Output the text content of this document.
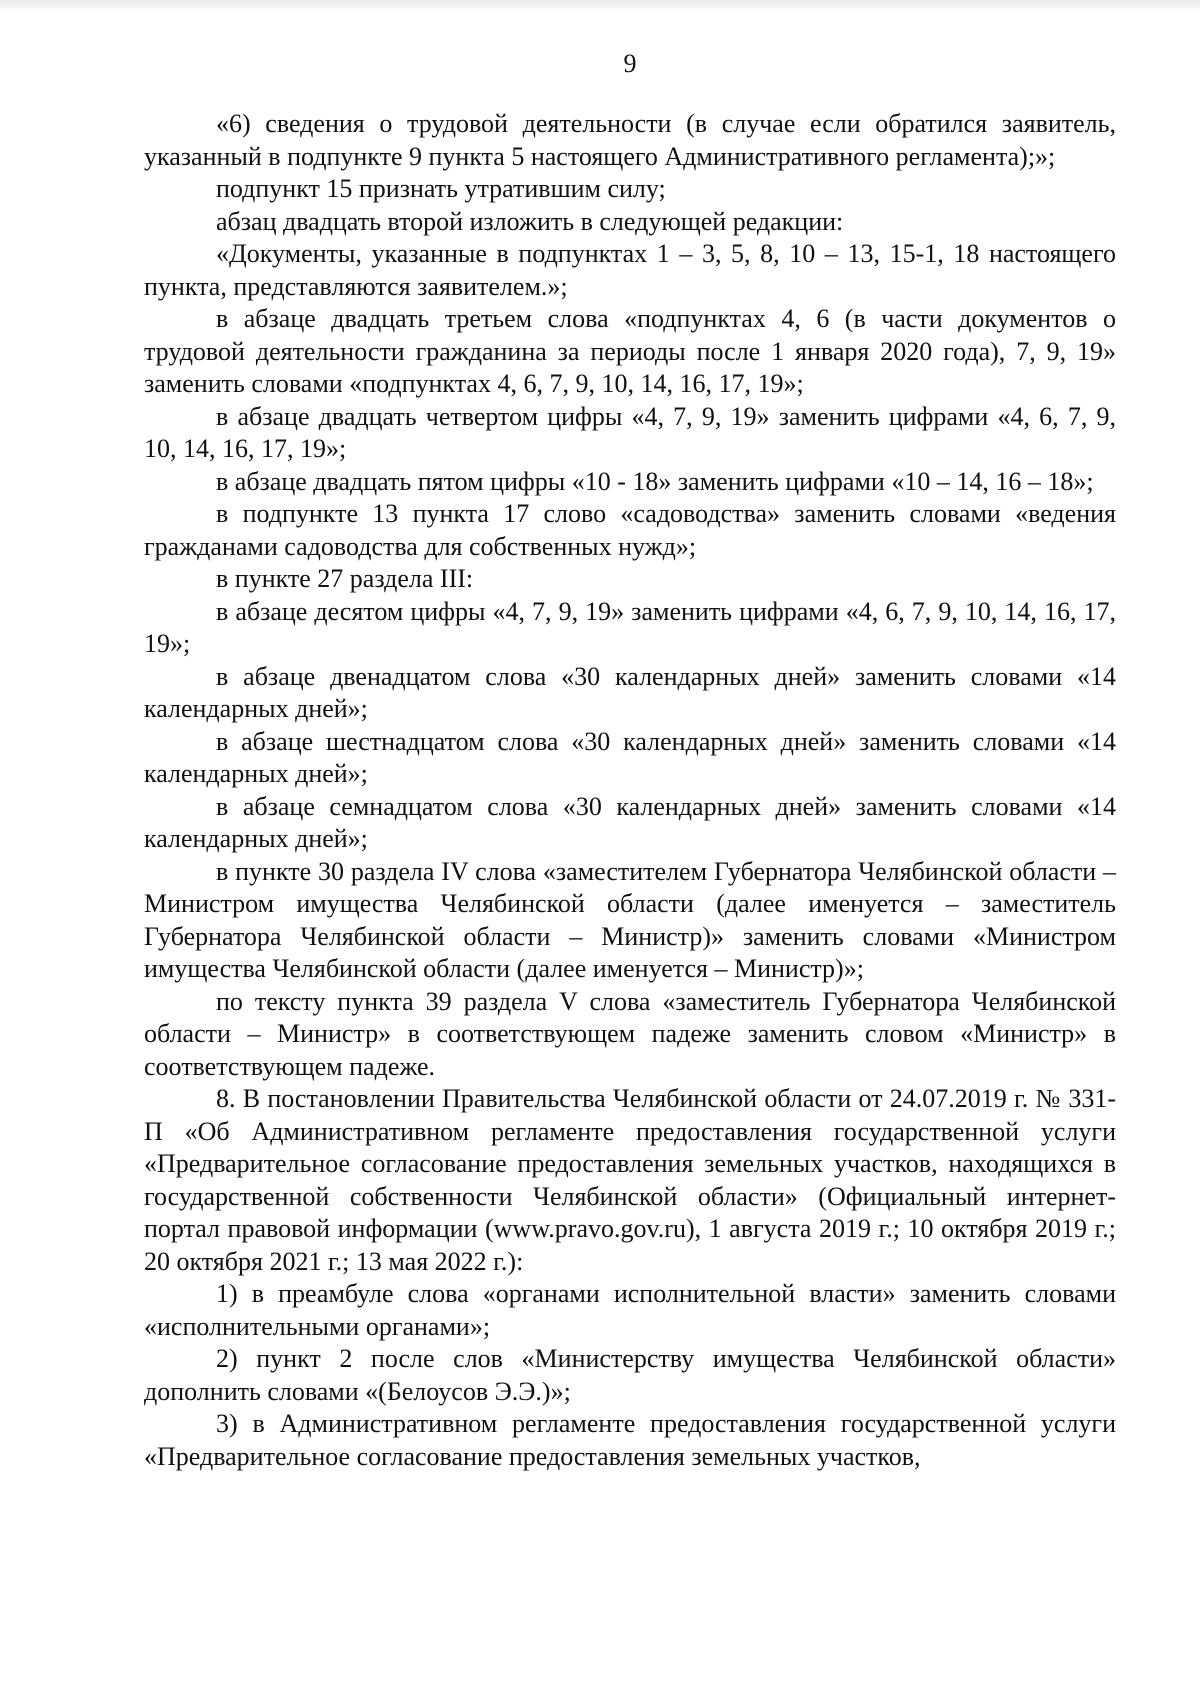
9

«6) сведения о трудовой деятельности (в случае если обратился заявитель, указанный в подпункте 9 пункта 5 настоящего Административного регламента);»;

подпункт 15 признать утратившим силу;

абзац двадцать второй изложить в следующей редакции:

«Документы, указанные в подпунктах 1 – 3, 5, 8, 10 – 13, 15-1, 18 настоящего пункта, представляются заявителем.»;

в абзаце двадцать третьем слова «подпунктах 4, 6 (в части документов о трудовой деятельности гражданина за периоды после 1 января 2020 года), 7, 9, 19» заменить словами «подпунктах 4, 6, 7, 9, 10, 14, 16, 17, 19»;

в абзаце двадцать четвертом цифры «4, 7, 9, 19» заменить цифрами «4, 6, 7, 9, 10, 14, 16, 17, 19»;

в абзаце двадцать пятом цифры «10 - 18» заменить цифрами «10 – 14, 16 – 18»;

в подпункте 13 пункта 17 слово «садоводства» заменить словами «ведения гражданами садоводства для собственных нужд»;

в пункте 27 раздела III:

в абзаце десятом цифры «4, 7, 9, 19» заменить цифрами «4, 6, 7, 9, 10, 14, 16, 17, 19»;

в абзаце двенадцатом слова «30 календарных дней» заменить словами «14 календарных дней»;

в абзаце шестнадцатом слова «30 календарных дней» заменить словами «14 календарных дней»;

в абзаце семнадцатом слова «30 календарных дней» заменить словами «14 календарных дней»;

в пункте 30 раздела IV слова «заместителем Губернатора Челябинской области – Министром имущества Челябинской области (далее именуется – заместитель Губернатора Челябинской области – Министр)» заменить словами «Министром имущества Челябинской области (далее именуется – Министр)»;

по тексту пункта 39 раздела V слова «заместитель Губернатора Челябинской области – Министр» в соответствующем падеже заменить словом «Министр» в соответствующем падеже.

8. В постановлении Правительства Челябинской области от 24.07.2019 г. № 331-П «Об Административном регламенте предоставления государственной услуги «Предварительное согласование предоставления земельных участков, находящихся в государственной собственности Челябинской области» (Официальный интернет-портал правовой информации (www.pravo.gov.ru), 1 августа 2019 г.; 10 октября 2019 г.; 20 октября 2021 г.; 13 мая 2022 г.):

1) в преамбуле слова «органами исполнительной власти» заменить словами «исполнительными органами»;

2) пункт 2 после слов «Министерству имущества Челябинской области» дополнить словами «(Белоусов Э.Э.)»;

3) в Административном регламенте предоставления государственной услуги «Предварительное согласование предоставления земельных участков,
